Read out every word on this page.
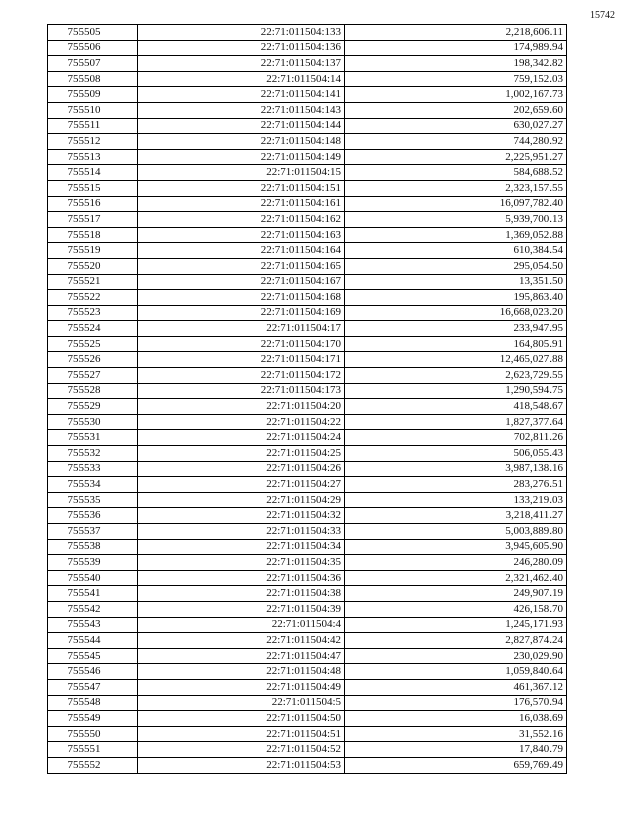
15742
755505	22:71:011504:133	2,218,606.11
755506	22:71:011504:136	174,989.94
755507	22:71:011504:137	198,342.82
755508	22:71:011504:14	759,152.03
755509	22:71:011504:141	1,002,167.73
755510	22:71:011504:143	202,659.60
755511	22:71:011504:144	630,027.27
755512	22:71:011504:148	744,280.92
755513	22:71:011504:149	2,225,951.27
755514	22:71:011504:15	584,688.52
755515	22:71:011504:151	2,323,157.55
755516	22:71:011504:161	16,097,782.40
755517	22:71:011504:162	5,939,700.13
755518	22:71:011504:163	1,369,052.88
755519	22:71:011504:164	610,384.54
755520	22:71:011504:165	295,054.50
755521	22:71:011504:167	13,351.50
755522	22:71:011504:168	195,863.40
755523	22:71:011504:169	16,668,023.20
755524	22:71:011504:17	233,947.95
755525	22:71:011504:170	164,805.91
755526	22:71:011504:171	12,465,027.88
755527	22:71:011504:172	2,623,729.55
755528	22:71:011504:173	1,290,594.75
755529	22:71:011504:20	418,548.67
755530	22:71:011504:22	1,827,377.64
755531	22:71:011504:24	702,811.26
755532	22:71:011504:25	506,055.43
755533	22:71:011504:26	3,987,138.16
755534	22:71:011504:27	283,276.51
755535	22:71:011504:29	133,219.03
755536	22:71:011504:32	3,218,411.27
755537	22:71:011504:33	5,003,889.80
755538	22:71:011504:34	3,945,605.90
755539	22:71:011504:35	246,280.09
755540	22:71:011504:36	2,321,462.40
755541	22:71:011504:38	249,907.19
755542	22:71:011504:39	426,158.70
755543	22:71:011504:4	1,245,171.93
755544	22:71:011504:42	2,827,874.24
755545	22:71:011504:47	230,029.90
755546	22:71:011504:48	1,059,840.64
755547	22:71:011504:49	461,367.12
755548	22:71:011504:5	176,570.94
755549	22:71:011504:50	16,038.69
755550	22:71:011504:51	31,552.16
755551	22:71:011504:52	17,840.79
755552	22:71:011504:53	659,769.49
